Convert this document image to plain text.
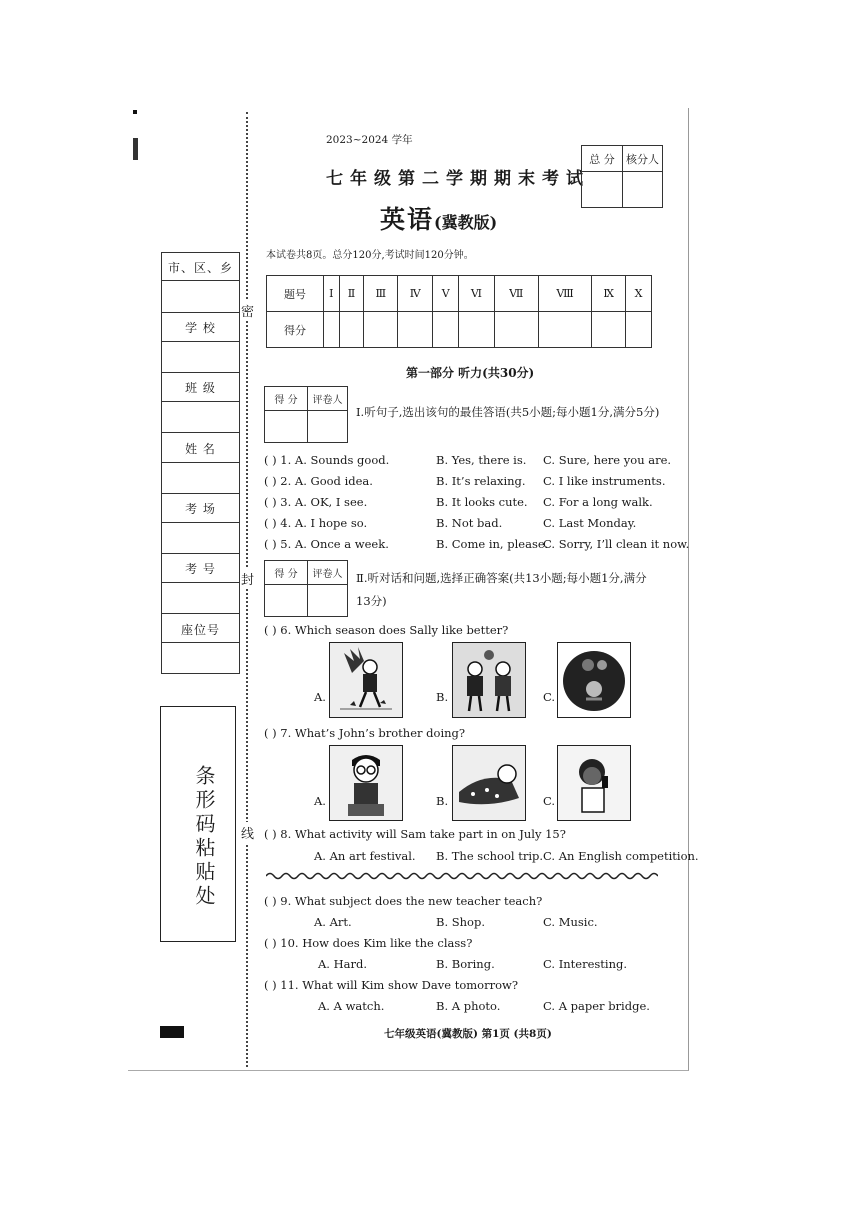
密
封
线
市、区、乡
学 校
班 级
姓 名
考 场
考 号
座位号
条形码粘贴处
2023~2024 学年
七年级第二学期期末考试
英语(冀教版)
本试卷共8页。总分120分,考试时间120分钟。
总 分	核分人

题号	I	Ⅱ	Ⅲ	Ⅳ	Ⅴ	Ⅵ	Ⅶ	Ⅷ	Ⅸ	X
得分										
第一部分 听力(共30分)
得 分	评卷人

Ⅰ.听句子,选出该句的最佳答语(共5小题;每小题1分,满分5分)
( ) 1. A. Sounds good.	B. Yes, there is. C. Sure, here you are.
( ) 2. A. Good idea.	B. It’s relaxing. C. I like instruments.
( ) 3. A. OK, I see.	B. It looks cute. C. For a long walk.
( ) 4. A. I hope so.	B. Not bad.	C. Last Monday.
( ) 5. A. Once a week.	B. Come in, please.
C. Sorry, I’ll clean it now.
得 分	评卷人
	Ⅱ.听对话和问题,选择正确答案(共13小题;每小题1分,满分
13分)
( ) 6. Which season does Sally like better?
A.	B.	C.
( ) 7. What’s John’s brother doing?
A.	B.	C.
( ) 8. What activity will Sam take part in on July 15?
A. An art festival. B. The school trip. C. An English competition.
( ) 9. What subject does the new teacher teach?
A. Art.	B. Shop.	C. Music.
( ) 10. How does Kim like the class?
A. Hard.	B. Boring.	C. Interesting.
( ) 11. What will Kim show Dave tomorrow?
A. A watch.	B. A photo.	C. A paper bridge.
七年级英语(冀教版) 第1页 (共8页)
